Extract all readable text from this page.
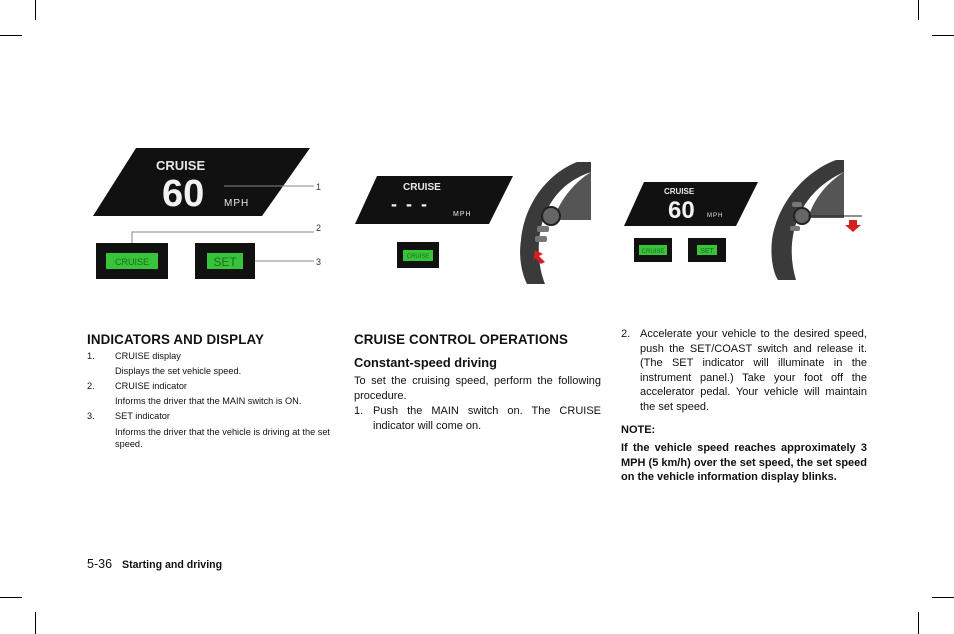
CRUISE
60 MPH
1
CRUISE	SET
2
3
CRUISE
- - -
MPH
CRUISE
CRUISE
60 MPH
CRUISE	SET
INDICATORS AND DISPLAY
1.	CRUISE display
Displays the set vehicle speed.
2.	CRUISE indicator
Informs the driver that the MAIN switch is ON.
3.	SET indicator
Informs the driver that the vehicle is driving at the set speed.
CRUISE CONTROL OPERATIONS
Constant-speed driving

To set the cruising speed, perform the following procedure.

1. Push the MAIN switch on. The CRUISE indicator will come on.
2. Accelerate your vehicle to the desired speed, push the SET/COAST switch and release it. (The SET indicator will illuminate in the instrument panel.) Take your foot off the accelerator pedal. Your vehicle will maintain the set speed.
NOTE:

If the vehicle speed reaches approximately 3 MPH (5 km/h) over the set speed, the set speed on the vehicle information display blinks.

5-36 Starting and driving
